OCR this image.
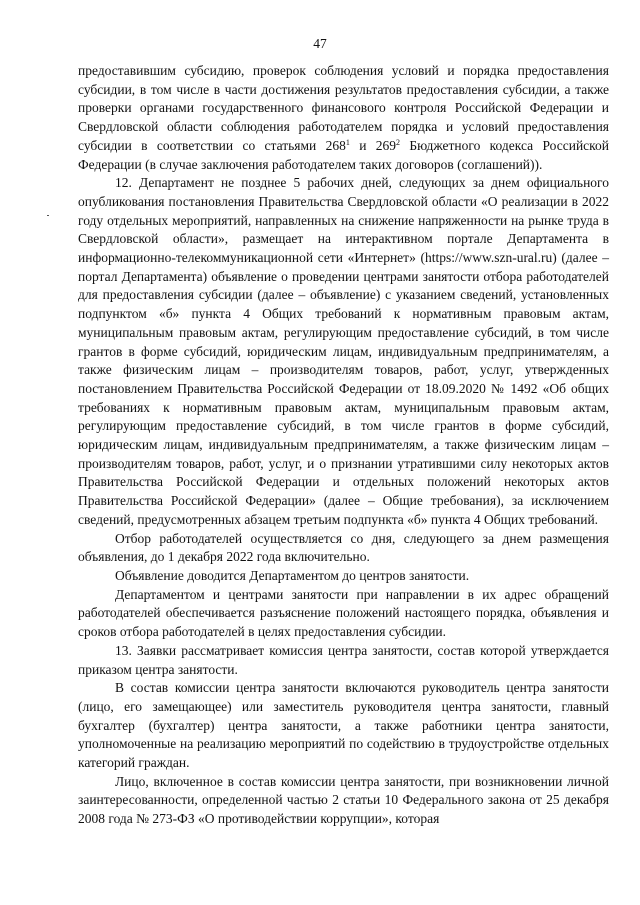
47

предоставившим субсидию, проверок соблюдения условий и порядка предоставления субсидии, в том числе в части достижения результатов предоставления субсидии, а также проверки органами государственного финансового контроля Российской Федерации и Свердловской области соблюдения работодателем порядка и условий предоставления субсидии в соответствии со статьями $268^1$ и $269^2$ Бюджетного кодекса Российской Федерации (в случае заключения работодателем таких договоров (соглашений)).

12. Департамент не позднее 5 рабочих дней, следующих за днем официального опубликования постановления Правительства Свердловской области «О реализации в 2022 году отдельных мероприятий, направленных на снижение напряженности на рынке труда в Свердловской области», размещает на интерактивном портале Департамента в информационно-телекоммуникационной сети «Интернет» (https://www.szn-ural.ru) (далее – портал Департамента) объявление о проведении центрами занятости отбора работодателей для предоставления субсидии (далее – объявление) с указанием сведений, установленных подпунктом «б» пункта 4 Общих требований к нормативным правовым актам, муниципальным правовым актам, регулирующим предоставление субсидий, в том числе грантов в форме субсидий, юридическим лицам, индивидуальным предпринимателям, а также физическим лицам – производителям товаров, работ, услуг, утвержденных постановлением Правительства Российской Федерации от 18.09.2020 № 1492 «Об общих требованиях к нормативным правовым актам, муниципальным правовым актам, регулирующим предоставление субсидий, в том числе грантов в форме субсидий, юридическим лицам, индивидуальным предпринимателям, а также физическим лицам – производителям товаров, работ, услуг, и о признании утратившими силу некоторых актов Правительства Российской Федерации и отдельных положений некоторых актов Правительства Российской Федерации» (далее – Общие требования), за исключением сведений, предусмотренных абзацем третьим подпункта «б» пункта 4 Общих требований.

Отбор работодателей осуществляется со дня, следующего за днем размещения объявления, до 1 декабря 2022 года включительно.

Объявление доводится Департаментом до центров занятости.

Департаментом и центрами занятости при направлении в их адрес обращений работодателей обеспечивается разъяснение положений настоящего порядка, объявления и сроков отбора работодателей в целях предоставления субсидии.

13. Заявки рассматривает комиссия центра занятости, состав которой утверждается приказом центра занятости.

В состав комиссии центра занятости включаются руководитель центра занятости (лицо, его замещающее) или заместитель руководителя центра занятости, главный бухгалтер (бухгалтер) центра занятости, а также работники центра занятости, уполномоченные на реализацию мероприятий по содействию в трудоустройстве отдельных категорий граждан.

Лицо, включенное в состав комиссии центра занятости, при возникновении личной заинтересованности, определенной частью 2 статьи 10 Федерального закона от 25 декабря 2008 года № 273-ФЗ «О противодействии коррупции», которая
